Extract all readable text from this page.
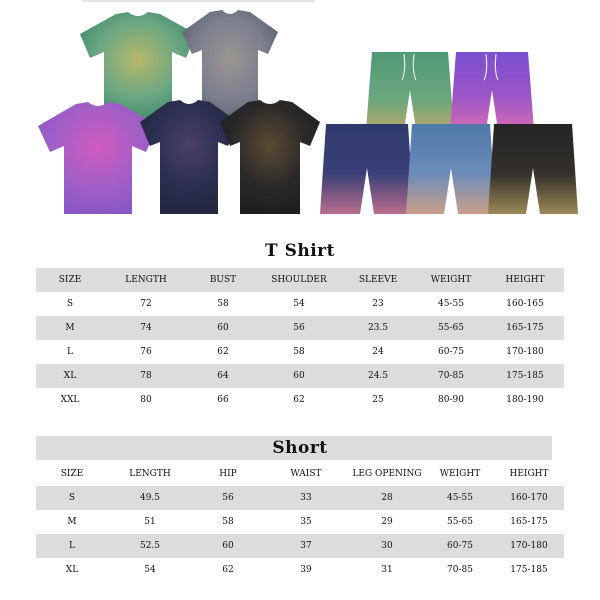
T Shirt
SIZE	LENGTH	BUST	SHOULDER	SLEEVE	WEIGHT	HEIGHT
S	72	58	54	23	45-55	160-165
M	74	60	56	23.5	55-65	165-175
L	76	62	58	24	60-75	170-180
XL	78	64	60	24.5	70-85	175-185
XXL	80	66	62	25	80-90	180-190
Short
SIZE	LENGTH	HIP	WAIST	LEG OPENING	WEIGHT	HEIGHT
S	49.5	56	33	28	45-55	160-170
M	51	58	35	29	55-65	165-175
L	52.5	60	37	30	60-75	170-180
XL	54	62	39	31	70-85	175-185
